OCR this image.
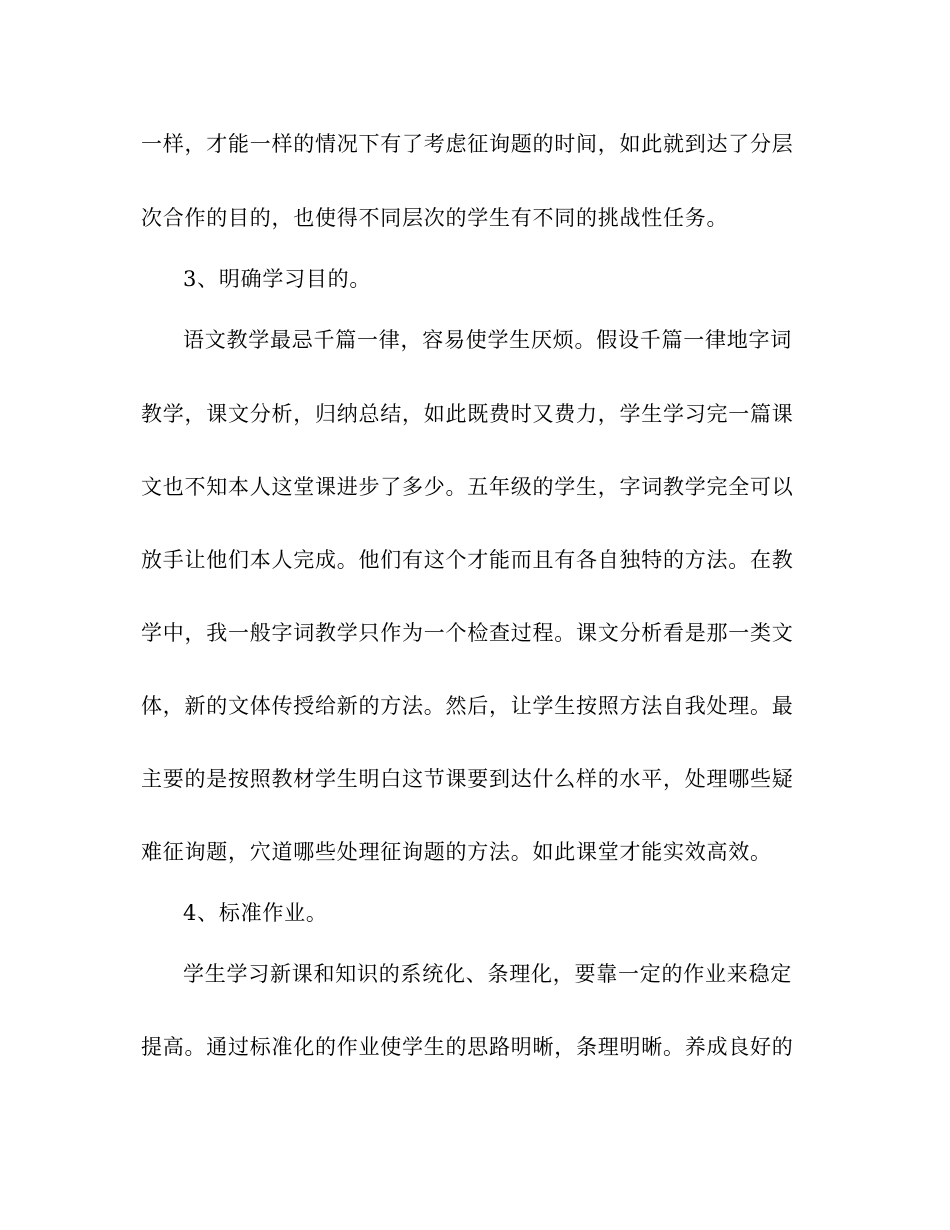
一样，才能一样的情况下有了考虑征询题的时间，如此就到达了分层
次合作的目的，也使得不同层次的学生有不同的挑战性任务。
3、明确学习目的。
语文教学最忌千篇一律，容易使学生厌烦。假设千篇一律地字词
教学，课文分析，归纳总结，如此既费时又费力，学生学习完一篇课
文也不知本人这堂课进步了多少。五年级的学生，字词教学完全可以
放手让他们本人完成。他们有这个才能而且有各自独特的方法。在教
学中，我一般字词教学只作为一个检查过程。课文分析看是那一类文
体，新的文体传授给新的方法。然后，让学生按照方法自我处理。最
主要的是按照教材学生明白这节课要到达什么样的水平，处理哪些疑
难征询题，穴道哪些处理征询题的方法。如此课堂才能实效高效。
4、标准作业。
学生学习新课和知识的系统化、条理化，要靠一定的作业来稳定
提高。通过标准化的作业使学生的思路明晰，条理明晰。养成良好的
